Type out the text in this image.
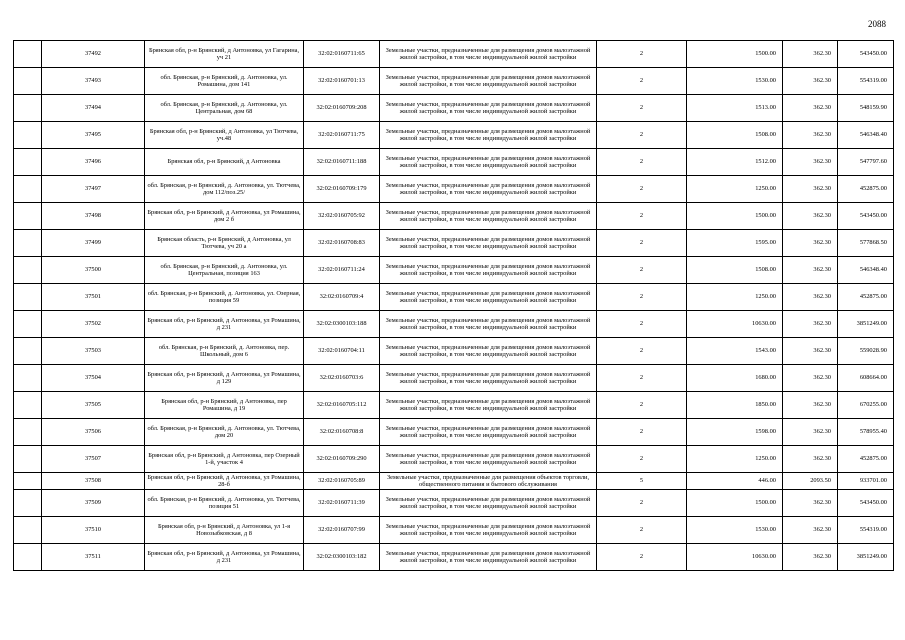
2088
	37492	Брянская обл, р-н Брянский, д Антоновка, ул Гагарина, уч 21	32:02:0160711:65	Земельные участки, предназначенные для размещения домов малоэтажной жилой застройки, в том числе индивидуальной жилой застройки	2	1500.00	362.30	543450.00
	37493	обл. Брянская, р-н Брянский, д. Антоновка, ул. Ромашина, дом 141	32:02:0160701:13	Земельные участки, предназначенные для размещения домов малоэтажной жилой застройки, в том числе индивидуальной жилой застройки	2	1530.00	362.30	554319.00
	37494	обл. Брянская, р-н Брянский, д. Антоновка, ул. Центральная, дом 68	32:02:0160709:208	Земельные участки, предназначенные для размещения домов малоэтажной жилой застройки, в том числе индивидуальной жилой застройки	2	1513.00	362.30	548159.90
	37495	Брянская обл, р-н Брянский, д Антоновка, ул Тютчева, уч.48	32:02:0160711:75	Земельные участки, предназначенные для размещения домов малоэтажной жилой застройки, в том числе индивидуальной жилой застройки	2	1508.00	362.30	546348.40
	37496	Брянская обл, р-н Брянский, д Антоновка	32:02:0160711:188	Земельные участки, предназначенные для размещения домов малоэтажной жилой застройки, в том числе индивидуальной жилой застройки	2	1512.00	362.30	547797.60
	37497	обл. Брянская, р-н Брянский, д. Антоновка, ул. Тютчева, дом 112/поз.25/	32:02:0160709:179	Земельные участки, предназначенные для размещения домов малоэтажной жилой застройки, в том числе индивидуальной жилой застройки	2	1250.00	362.30	452875.00
	37498	Брянская обл, р-н Брянский, д Антоновка, ул Ромашина, дом 2 б	32:02:0160705:92	Земельные участки, предназначенные для размещения домов малоэтажной жилой застройки, в том числе индивидуальной жилой застройки	2	1500.00	362.30	543450.00
	37499	Брянская область, р-н Брянский, д Антоновка, ул Тютчева, уч 20 а	32:02:0160708:83	Земельные участки, предназначенные для размещения домов малоэтажной жилой застройки, в том числе индивидуальной жилой застройки	2	1595.00	362.30	577868.50
	37500	обл. Брянская, р-н Брянский, д. Антоновка, ул. Центральная, позиция 163	32:02:0160711:24	Земельные участки, предназначенные для размещения домов малоэтажной жилой застройки, в том числе индивидуальной жилой застройки	2	1508.00	362.30	546348.40
	37501	обл. Брянская, р-н Брянский, д. Антоновка, ул. Озерная, позиция 59	32:02:0160709:4	Земельные участки, предназначенные для размещения домов малоэтажной жилой застройки, в том числе индивидуальной жилой застройки	2	1250.00	362.30	452875.00
	37502	Брянская обл, р-н Брянский, д Антоновка, ул Ромашина, д 231	32:02:0300103:188	Земельные участки, предназначенные для размещения домов малоэтажной жилой застройки, в том числе индивидуальной жилой застройки	2	10630.00	362.30	3851249.00
	37503	обл. Брянская, р-н Брянский, д. Антоновка, пер. Школьный, дом 6	32:02:0160704:11	Земельные участки, предназначенные для размещения домов малоэтажной жилой застройки, в том числе индивидуальной жилой застройки	2	1543.00	362.30	559028.90
	37504	Брянская обл, р-н Брянский, д Антоновка, ул Ромашина, д 129	32:02:0160703:6	Земельные участки, предназначенные для размещения домов малоэтажной жилой застройки, в том числе индивидуальной жилой застройки	2	1680.00	362.30	608664.00
	37505	Брянская обл, р-н Брянский, д Антоновка, пер Ромашина, д 19	32:02:0160705:112	Земельные участки, предназначенные для размещения домов малоэтажной жилой застройки, в том числе индивидуальной жилой застройки	2	1850.00	362.30	670255.00
	37506	обл. Брянская, р-н Брянский, д. Антоновка, ул. Тютчева, дом 20	32:02:0160708:8	Земельные участки, предназначенные для размещения домов малоэтажной жилой застройки, в том числе индивидуальной жилой застройки	2	1598.00	362.30	578955.40
	37507	Брянская обл, р-н Брянский, д Антоновка, пер Озерный 1-й, участок 4	32:02:0160709:290	Земельные участки, предназначенные для размещения домов малоэтажной жилой застройки, в том числе индивидуальной жилой застройки	2	1250.00	362.30	452875.00
	37508	Брянская обл, р-н Брянский, д Антоновка, ул Ромашина, 28-б	32:02:0160705:89	Земельные участки, предназначенные для размещения объектов торговли, общественного питания и бытового обслуживания	5	446.00	2093.50	933701.00
	37509	обл. Брянская, р-н Брянский, д. Антоновка, ул. Тютчева, позиция 51	32:02:0160711:39	Земельные участки, предназначенные для размещения домов малоэтажной жилой застройки, в том числе индивидуальной жилой застройки	2	1500.00	362.30	543450.00
	37510	Брянская обл, р-н Брянский, д Антоновка, ул 1-я Новозыбковская, д 8	32:02:0160707:99	Земельные участки, предназначенные для размещения домов малоэтажной жилой застройки, в том числе индивидуальной жилой застройки	2	1530.00	362.30	554319.00
	37511	Брянская обл, р-н Брянский, д Антоновка, ул Ромашина, д 231	32:02:0300103:182	Земельные участки, предназначенные для размещения домов малоэтажной жилой застройки, в том числе индивидуальной жилой застройки	2	10630.00	362.30	3851249.00
